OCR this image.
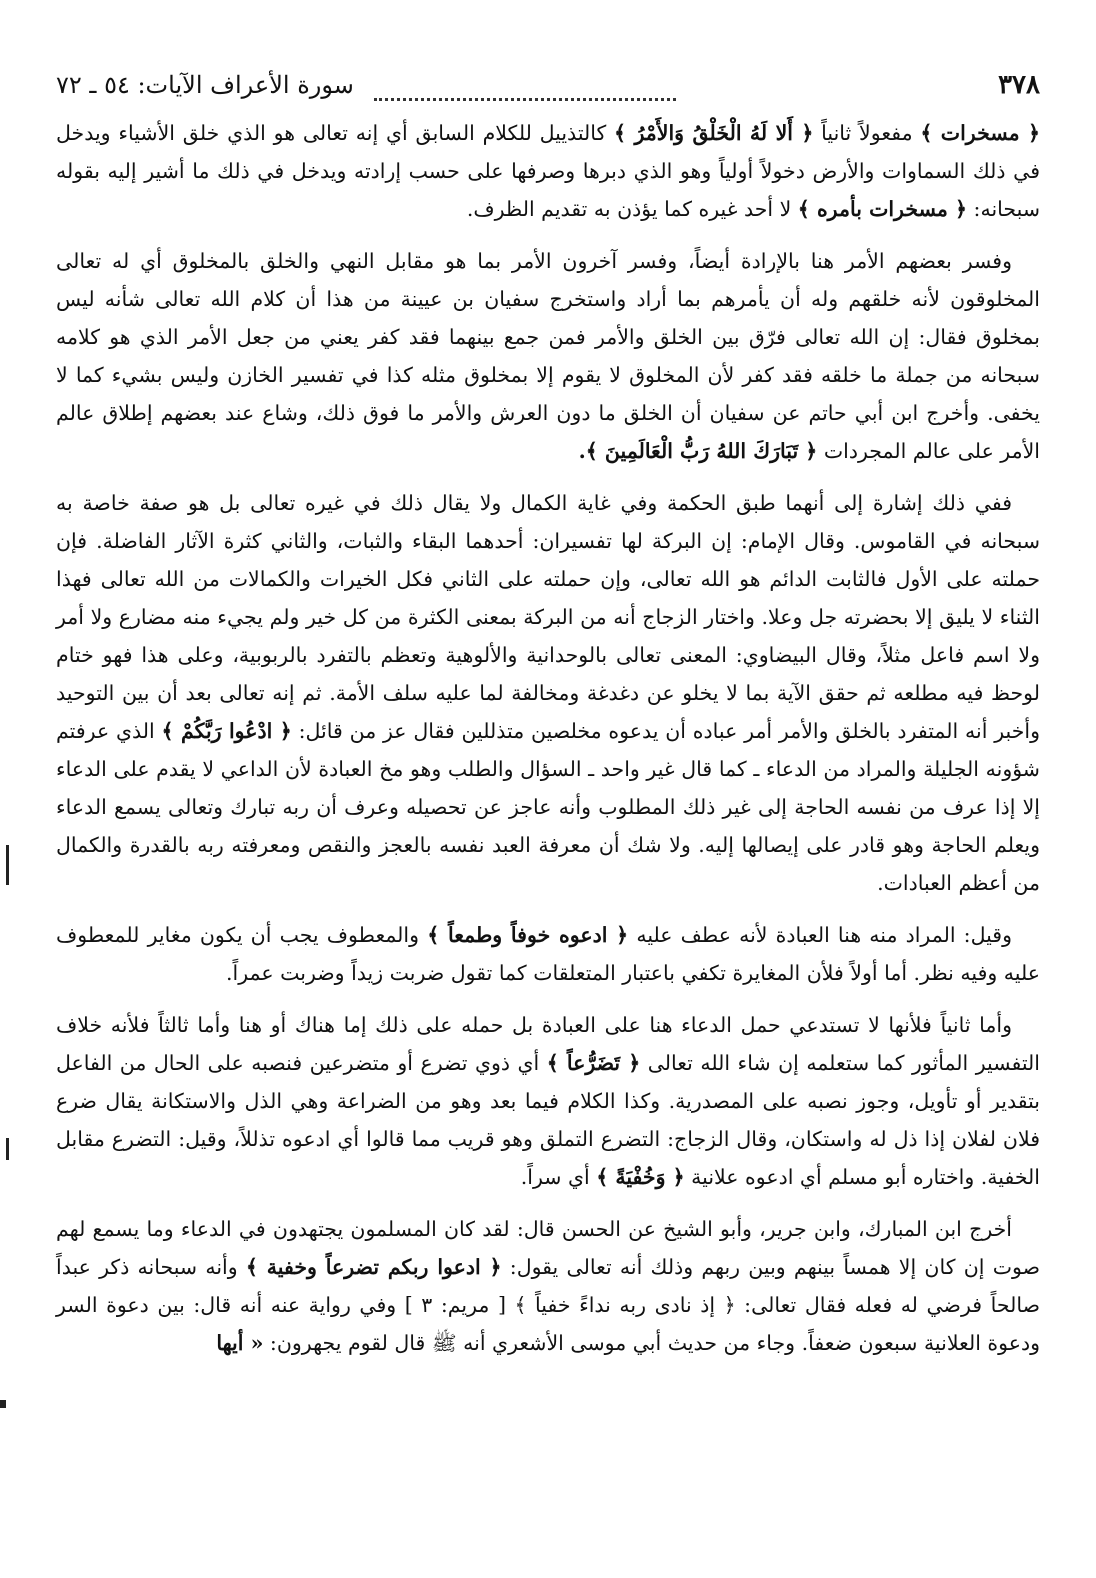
٣٧٨
سورة الأعراف الآيات: ٥٤ ـ ٧٢

﴿ مسخرات ﴾ مفعولاً ثانياً ﴿ أَلا لَهُ الْخَلْقُ وَالأَمْرُ ﴾ كالتذييل للكلام السابق أي إنه تعالى هو الذي خلق الأشياء ويدخل في ذلك السماوات والأرض دخولاً أولياً وهو الذي دبرها وصرفها على حسب إرادته ويدخل في ذلك ما أشير إليه بقوله سبحانه: ﴿ مسخرات بأمره ﴾ لا أحد غيره كما يؤذن به تقديم الظرف.

وفسر بعضهم الأمر هنا بالإرادة أيضاً، وفسر آخرون الأمر بما هو مقابل النهي والخلق بالمخلوق أي له تعالى المخلوقون لأنه خلقهم وله أن يأمرهم بما أراد واستخرج سفيان بن عيينة من هذا أن كلام الله تعالى شأنه ليس بمخلوق فقال: إن الله تعالى فرّق بين الخلق والأمر فمن جمع بينهما فقد كفر يعني من جعل الأمر الذي هو كلامه سبحانه من جملة ما خلقه فقد كفر لأن المخلوق لا يقوم إلا بمخلوق مثله كذا في تفسير الخازن وليس بشيء كما لا يخفى. وأخرج ابن أبي حاتم عن سفيان أن الخلق ما دون العرش والأمر ما فوق ذلك، وشاع عند بعضهم إطلاق عالم الأمر على عالم المجردات ﴿ تَبَارَكَ اللهُ رَبُّ الْعَالَمِينَ ﴾.

ففي ذلك إشارة إلى أنهما طبق الحكمة وفي غاية الكمال ولا يقال ذلك في غيره تعالى بل هو صفة خاصة به سبحانه في القاموس. وقال الإمام: إن البركة لها تفسيران: أحدهما البقاء والثبات، والثاني كثرة الآثار الفاضلة. فإن حملته على الأول فالثابت الدائم هو الله تعالى، وإن حملته على الثاني فكل الخيرات والكمالات من الله تعالى فهذا الثناء لا يليق إلا بحضرته جل وعلا. واختار الزجاج أنه من البركة بمعنى الكثرة من كل خير ولم يجيء منه مضارع ولا أمر ولا اسم فاعل مثلاً، وقال البيضاوي: المعنى تعالى بالوحدانية والألوهية وتعظم بالتفرد بالربوبية، وعلى هذا فهو ختام لوحظ فيه مطلعه ثم حقق الآية بما لا يخلو عن دغدغة ومخالفة لما عليه سلف الأمة. ثم إنه تعالى بعد أن بين التوحيد وأخبر أنه المتفرد بالخلق والأمر أمر عباده أن يدعوه مخلصين متذللين فقال عز من قائل: ﴿ ادْعُوا رَبَّكُمْ ﴾ الذي عرفتم شؤونه الجليلة والمراد من الدعاء ـ كما قال غير واحد ـ السؤال والطلب وهو مخ العبادة لأن الداعي لا يقدم على الدعاء إلا إذا عرف من نفسه الحاجة إلى غير ذلك المطلوب وأنه عاجز عن تحصيله وعرف أن ربه تبارك وتعالى يسمع الدعاء ويعلم الحاجة وهو قادر على إيصالها إليه. ولا شك أن معرفة العبد نفسه بالعجز والنقص ومعرفته ربه بالقدرة والكمال من أعظم العبادات.

وقيل: المراد منه هنا العبادة لأنه عطف عليه ﴿ ادعوه خوفاً وطمعاً ﴾ والمعطوف يجب أن يكون مغاير للمعطوف عليه وفيه نظر. أما أولاً فلأن المغايرة تكفي باعتبار المتعلقات كما تقول ضربت زيداً وضربت عمراً.

وأما ثانياً فلأنها لا تستدعي حمل الدعاء هنا على العبادة بل حمله على ذلك إما هناك أو هنا وأما ثالثاً فلأنه خلاف التفسير المأثور كما ستعلمه إن شاء الله تعالى ﴿ تَضَرُّعاً ﴾ أي ذوي تضرع أو متضرعين فنصبه على الحال من الفاعل بتقدير أو تأويل، وجوز نصبه على المصدرية. وكذا الكلام فيما بعد وهو من الضراعة وهي الذل والاستكانة يقال ضرع فلان لفلان إذا ذل له واستكان، وقال الزجاج: التضرع التملق وهو قريب مما قالوا أي ادعوه تذللاً، وقيل: التضرع مقابل الخفية. واختاره أبو مسلم أي ادعوه علانية ﴿ وَخُفْيَةً ﴾ أي سراً.

أخرج ابن المبارك، وابن جرير، وأبو الشيخ عن الحسن قال: لقد كان المسلمون يجتهدون في الدعاء وما يسمع لهم صوت إن كان إلا همساً بينهم وبين ربهم وذلك أنه تعالى يقول: ﴿ ادعوا ربكم تضرعاً وخفية ﴾ وأنه سبحانه ذكر عبداً صالحاً فرضي له فعله فقال تعالى: ﴿ إذ نادى ربه نداءً خفياً ﴾ [ مريم: ٣ ] وفي رواية عنه أنه قال: بين دعوة السر ودعوة العلانية سبعون ضعفاً. وجاء من حديث أبي موسى الأشعري أنه ﷺ قال لقوم يجهرون: « أيها
